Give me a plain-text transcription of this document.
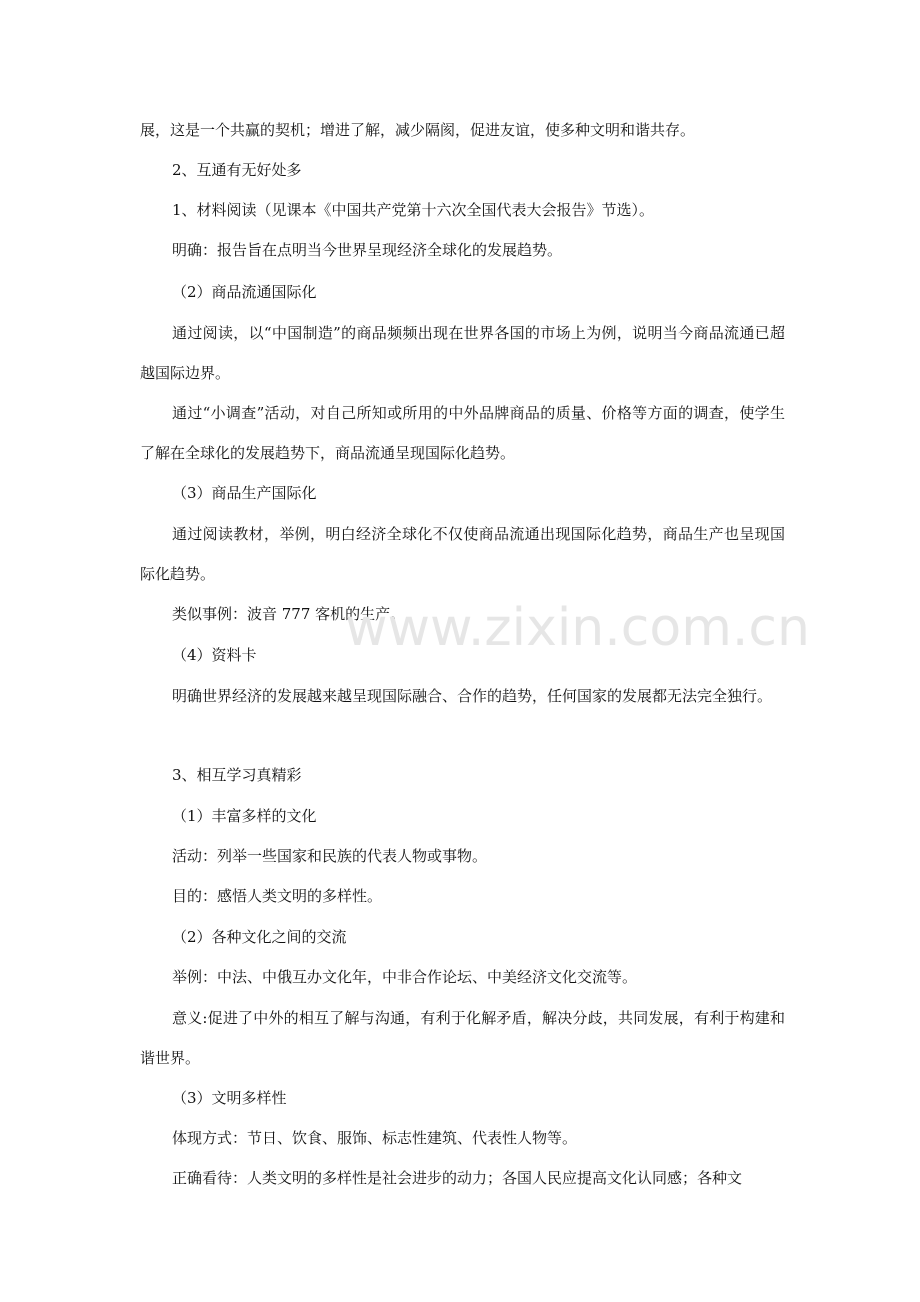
展，这是一个共赢的契机；增进了解，减少隔阂，促进友谊，使多种文明和谐共存。
2、互通有无好处多
1、材料阅读（见课本《中国共产党第十六次全国代表大会报告》节选）。
明确：报告旨在点明当今世界呈现经济全球化的发展趋势。
（2）商品流通国际化
通过阅读，以“中国制造”的商品频频出现在世界各国的市场上为例，说明当今商品流通已超越国际边界。
通过“小调查”活动，对自己所知或所用的中外品牌商品的质量、价格等方面的调查，使学生了解在全球化的发展趋势下，商品流通呈现国际化趋势。
（3）商品生产国际化
通过阅读教材，举例，明白经济全球化不仅使商品流通出现国际化趋势，商品生产也呈现国际化趋势。
类似事例：波音 777 客机的生产。
（4）资料卡
明确世界经济的发展越来越呈现国际融合、合作的趋势，任何国家的发展都无法完全独行。
3、相互学习真精彩
（1）丰富多样的文化
活动：列举一些国家和民族的代表人物或事物。
目的：感悟人类文明的多样性。
（2）各种文化之间的交流
举例：中法、中俄互办文化年，中非合作论坛、中美经济文化交流等。
意义:促进了中外的相互了解与沟通，有利于化解矛盾，解决分歧，共同发展，有利于构建和谐世界。
（3）文明多样性
体现方式：节日、饮食、服饰、标志性建筑、代表性人物等。
正确看待：人类文明的多样性是社会进步的动力；各国人民应提高文化认同感；各种文
www.zixin.com.cn
